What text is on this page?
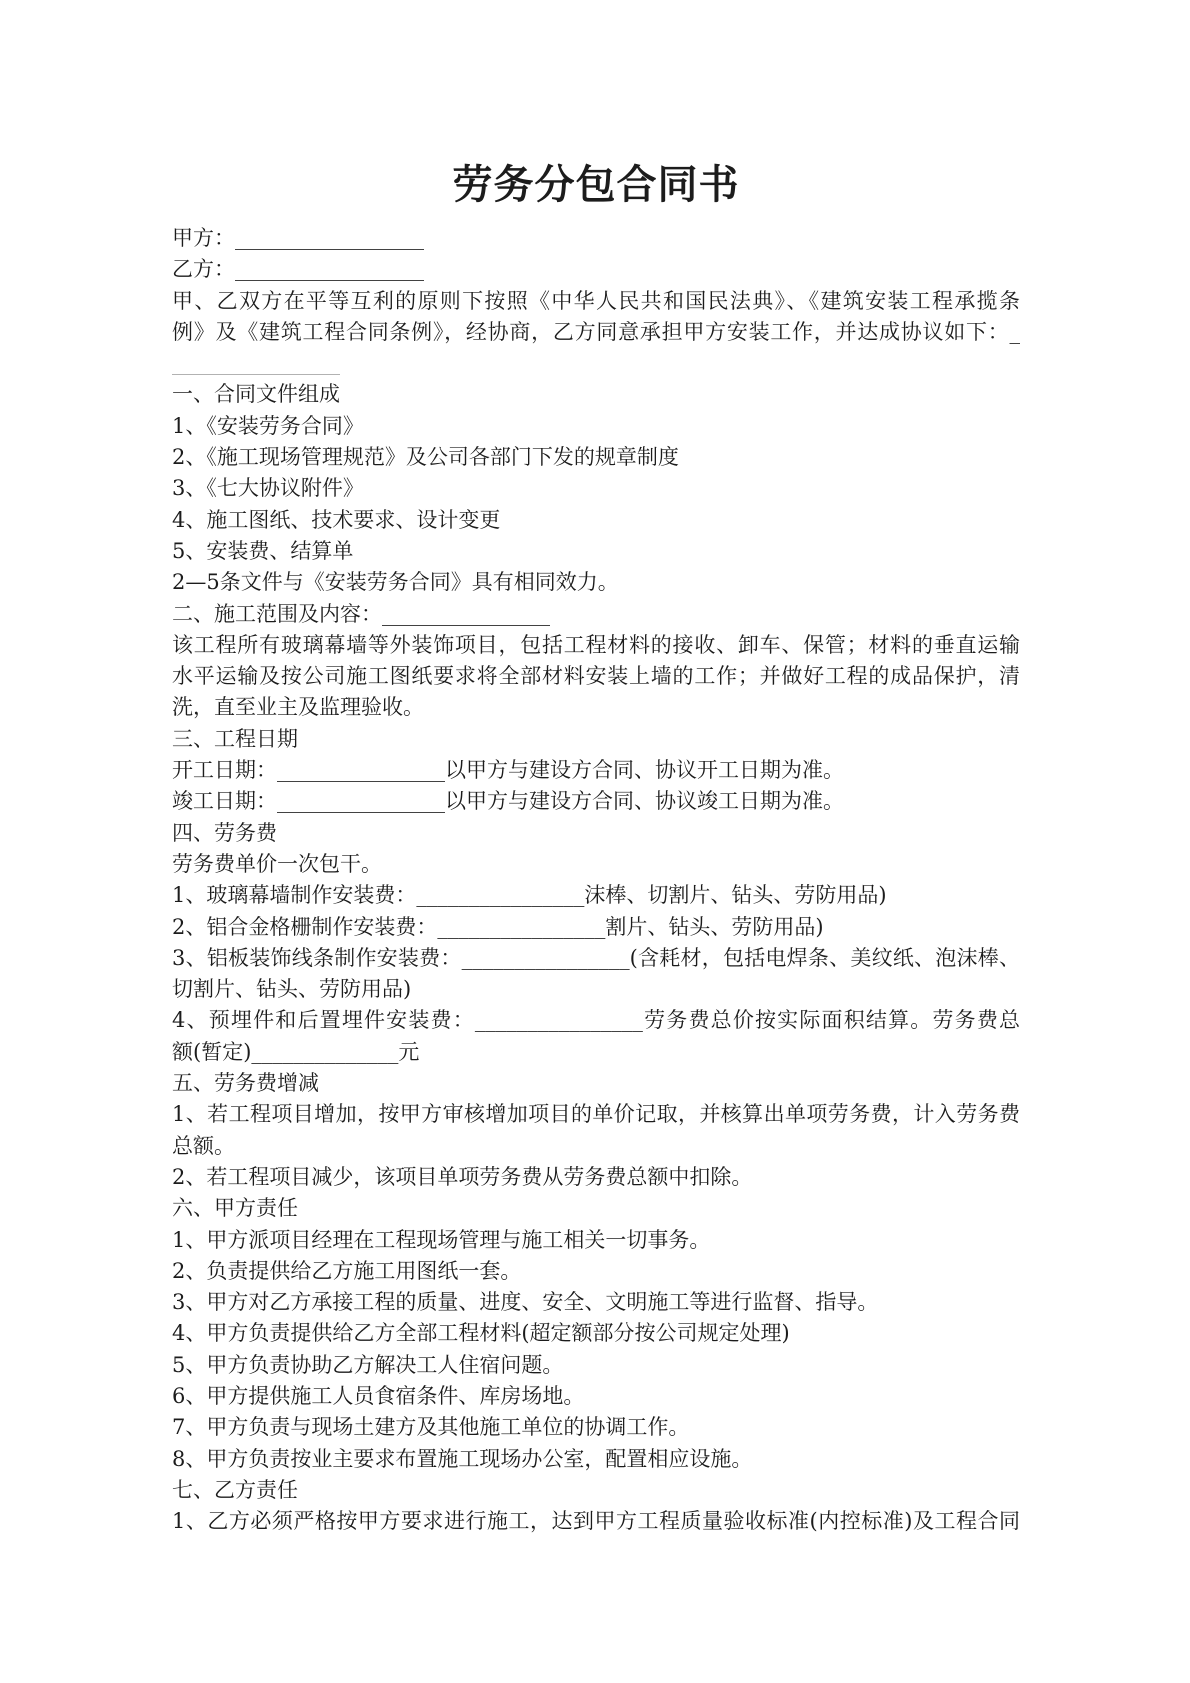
劳务分包合同书

甲方：__________________

乙方：__________________

甲、乙双方在平等互利的原则下按照《中华人民共和国民法典》、《建筑安装工程承揽条

例》及《建筑工程合同条例》，经协商，乙方同意承担甲方安装工作，并达成协议如下：_

________________

一、合同文件组成

1、《安装劳务合同》

2、《施工现场管理规范》及公司各部门下发的规章制度

3、《七大协议附件》

4、施工图纸、技术要求、设计变更

5、安装费、结算单

2—5条文件与《安装劳务合同》具有相同效力。

二、施工范围及内容：________________

该工程所有玻璃幕墙等外装饰项目，包括工程材料的接收、卸车、保管；材料的垂直运输

水平运输及按公司施工图纸要求将全部材料安装上墙的工作；并做好工程的成品保护，清

洗，直至业主及监理验收。

三、工程日期

开工日期：________________以甲方与建设方合同、协议开工日期为准。

竣工日期：________________以甲方与建设方合同、协议竣工日期为准。

四、劳务费

劳务费单价一次包干。

1、玻璃幕墙制作安装费：________________沫棒、切割片、钻头、劳防用品)

2、铝合金格栅制作安装费：________________割片、钻头、劳防用品)

3、铝板装饰线条制作安装费：________________(含耗材，包括电焊条、美纹纸、泡沫棒、

切割片、钻头、劳防用品)

4、预埋件和后置埋件安装费：________________劳务费总价按实际面积结算。劳务费总

额(暂定)______________元

五、劳务费增减

1、若工程项目增加，按甲方审核增加项目的单价记取，并核算出单项劳务费，计入劳务费

总额。

2、若工程项目减少，该项目单项劳务费从劳务费总额中扣除。

六、甲方责任

1、甲方派项目经理在工程现场管理与施工相关一切事务。

2、负责提供给乙方施工用图纸一套。

3、甲方对乙方承接工程的质量、进度、安全、文明施工等进行监督、指导。

4、甲方负责提供给乙方全部工程材料(超定额部分按公司规定处理)

5、甲方负责协助乙方解决工人住宿问题。

6、甲方提供施工人员食宿条件、库房场地。

7、甲方负责与现场土建方及其他施工单位的协调工作。

8、甲方负责按业主要求布置施工现场办公室，配置相应设施。

七、乙方责任

1、乙方必须严格按甲方要求进行施工，达到甲方工程质量验收标准(内控标准)及工程合同
